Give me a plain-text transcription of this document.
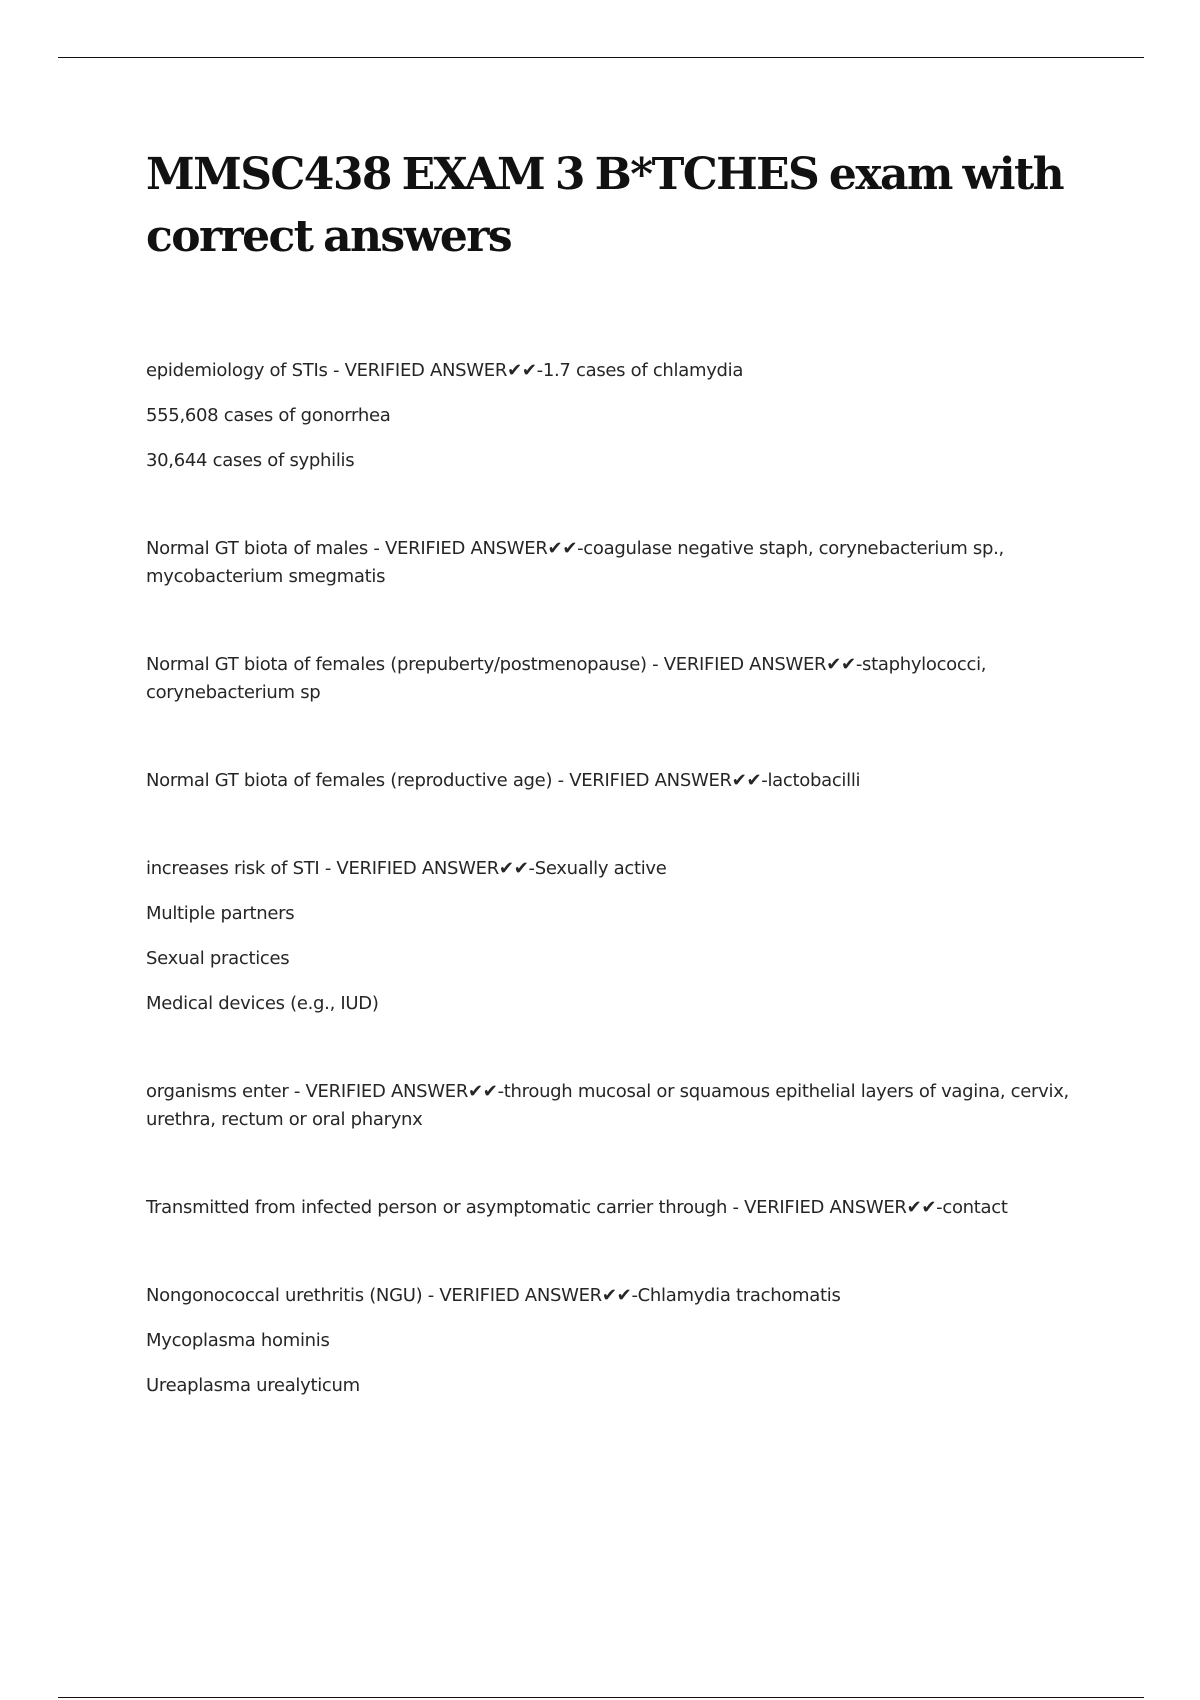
MMSC438 EXAM 3 B*TCHES exam with correct answers

epidemiology of STIs - VERIFIED ANSWER✔✔-1.7 cases of chlamydia

555,608 cases of gonorrhea

30,644 cases of syphilis

Normal GT biota of males - VERIFIED ANSWER✔✔-coagulase negative staph, corynebacterium sp., mycobacterium smegmatis

Normal GT biota of females (prepuberty/postmenopause) - VERIFIED ANSWER✔✔-staphylococci, corynebacterium sp

Normal GT biota of females (reproductive age) - VERIFIED ANSWER✔✔-lactobacilli

increases risk of STI - VERIFIED ANSWER✔✔-Sexually active

Multiple partners

Sexual practices

Medical devices (e.g., IUD)

organisms enter - VERIFIED ANSWER✔✔-through mucosal or squamous epithelial layers of vagina, cervix, urethra, rectum or oral pharynx

Transmitted from infected person or asymptomatic carrier through - VERIFIED ANSWER✔✔-contact

Nongonococcal urethritis (NGU) - VERIFIED ANSWER✔✔-Chlamydia trachomatis

Mycoplasma hominis

Ureaplasma urealyticum
